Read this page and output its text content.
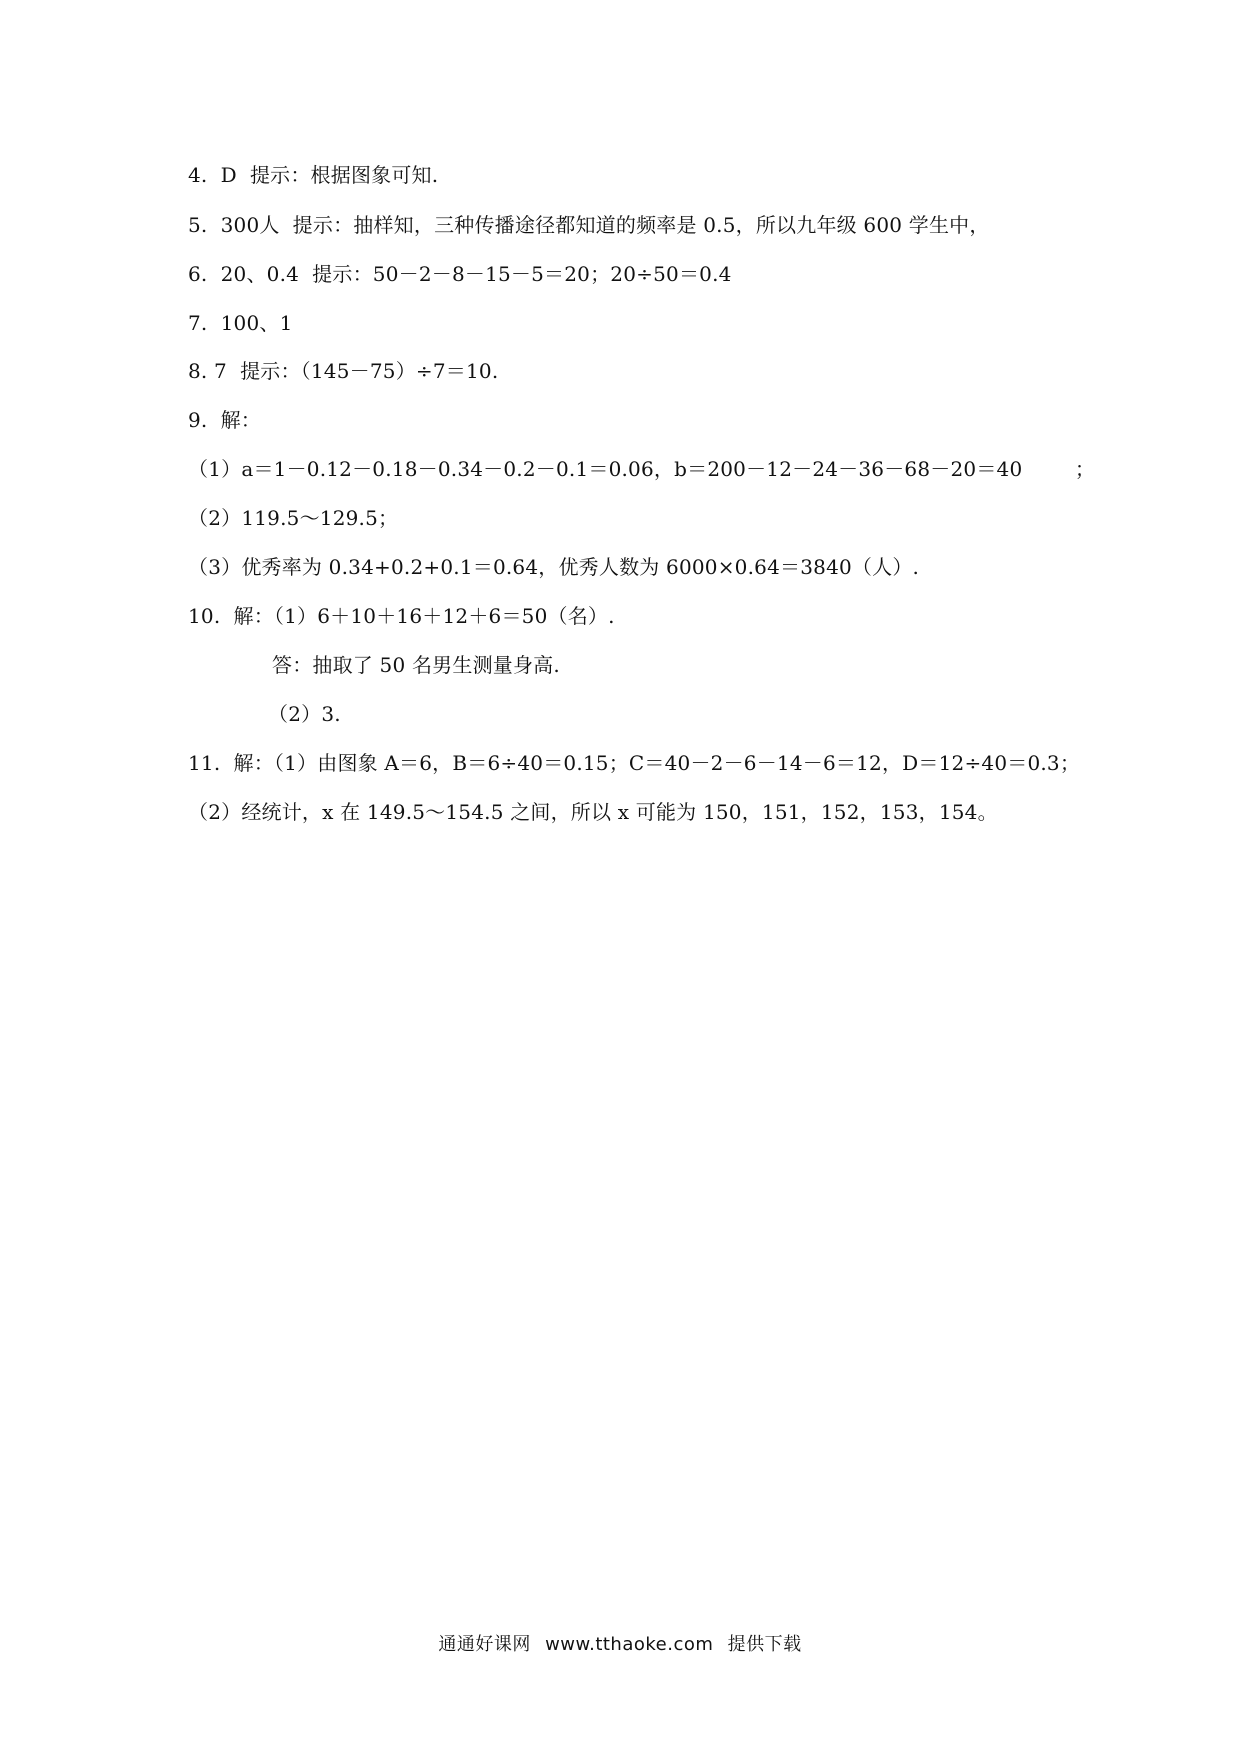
4.  D  提示：根据图象可知.
5.  300人  提示：抽样知，三种传播途径都知道的频率是 0.5，所以九年级 600 学生中，
6.  20、0.4  提示：50－2－8－15－5＝20；20÷50＝0.4
7.  100、1
8. 7  提示：（145－75）÷7＝10.
9.  解：
（1）a＝1－0.12－0.18－0.34－0.2－0.1＝0.06，b＝200－12－24－36－68－20＝40        ；
（2）119.5～129.5；
（3）优秀率为 0.34+0.2+0.1＝0.64，优秀人数为 6000×0.64＝3840（人）.
10.  解：（1）6＋10＋16＋12＋6＝50（名）.
答：抽取了 50 名男生测量身高.
（2）3.
11.  解：（1）由图象 A＝6，B＝6÷40＝0.15；C＝40－2－6－14－6＝12，D＝12÷40＝0.3；
（2）经统计，x 在 149.5～154.5 之间，所以 x 可能为 150，151，152，153，154。
通通好课网 www.tthaoke.com 提供下载
